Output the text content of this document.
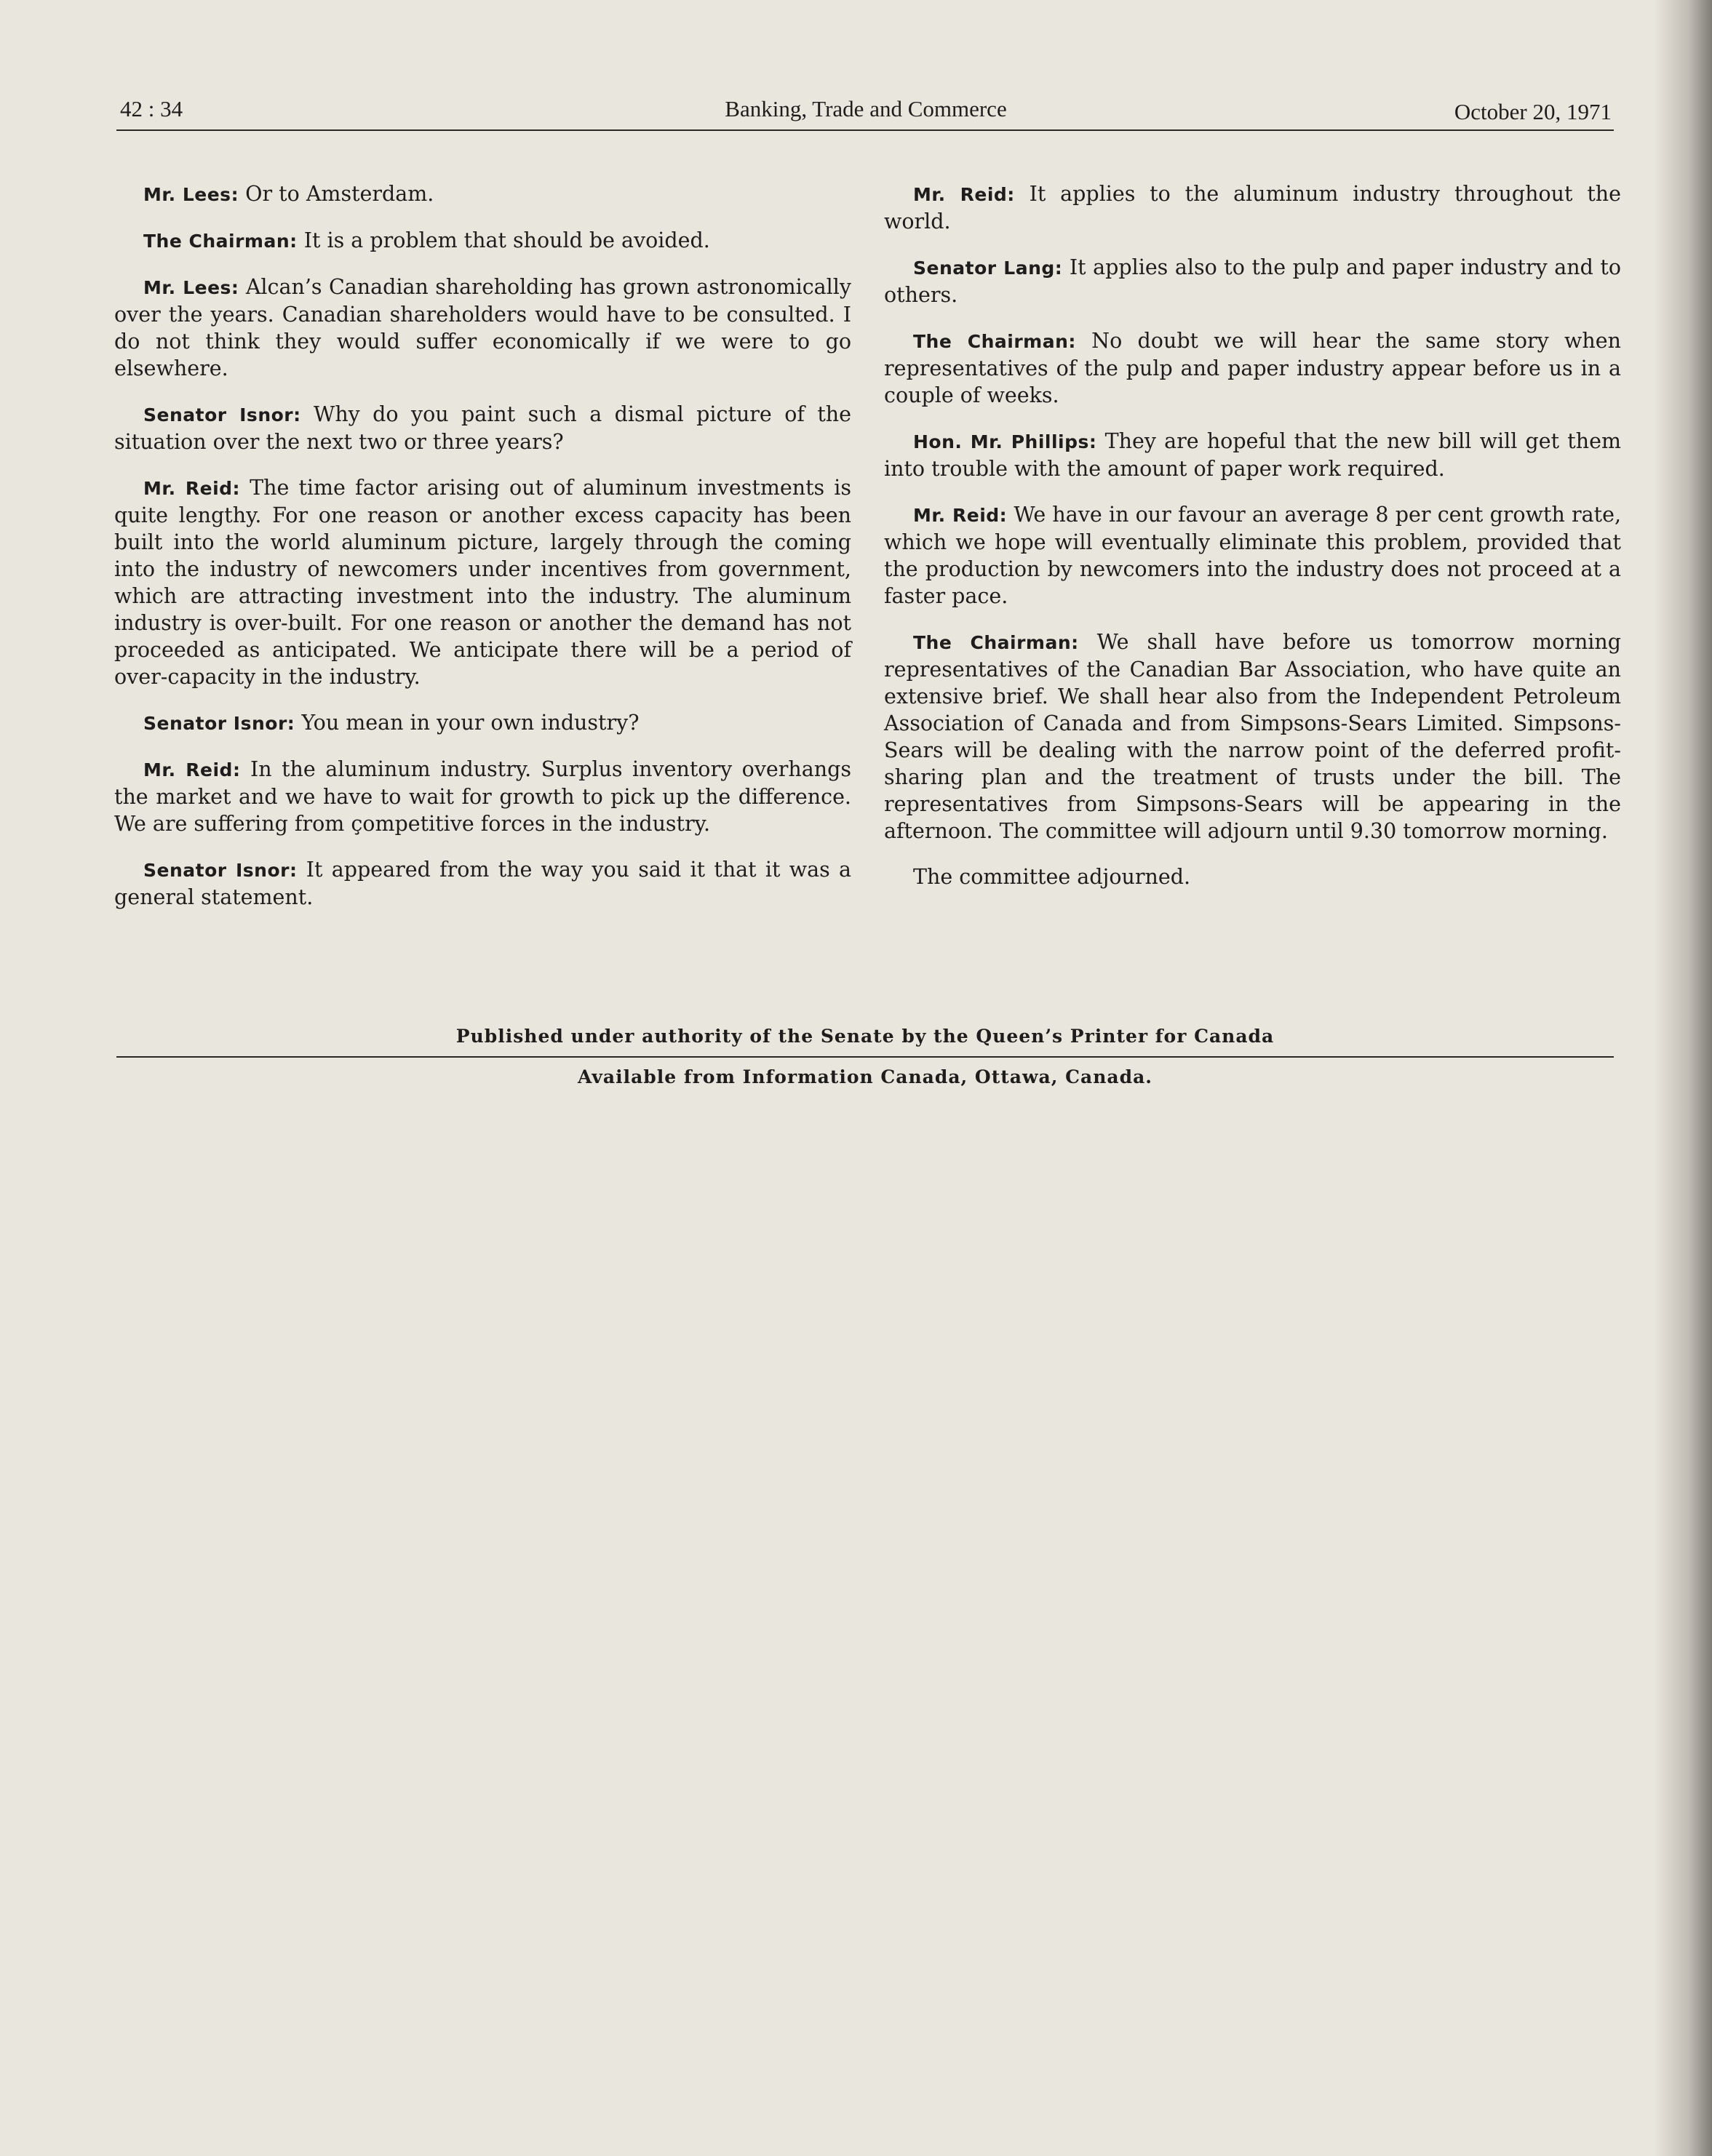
42 : 34	Banking, Trade and Commerce	October 20, 1971

Mr. Lees: Or to Amsterdam.

The Chairman: It is a problem that should be avoided.

Mr. Lees: Alcan’s Canadian shareholding has grown astronomically over the years. Canadian shareholders would have to be consulted. I do not think they would suffer economically if we were to go elsewhere.

Senator Isnor: Why do you paint such a dismal picture of the situation over the next two or three years?

Mr. Reid: The time factor arising out of aluminum investments is quite lengthy. For one reason or another excess capacity has been built into the world aluminum picture, largely through the coming into the industry of newcomers under incentives from government, which are attracting investment into the industry. The aluminum industry is over-built. For one reason or another the demand has not proceeded as anticipated. We anticipate there will be a period of over-capacity in the industry.

Senator Isnor: You mean in your own industry?

Mr. Reid: In the aluminum industry. Surplus inventory overhangs the market and we have to wait for growth to pick up the difference. We are suffering from çompetitive forces in the industry.

Senator Isnor: It appeared from the way you said it that it was a general statement.

Mr. Reid: It applies to the aluminum industry throughout the world.

Senator Lang: It applies also to the pulp and paper industry and to others.

The Chairman: No doubt we will hear the same story when representatives of the pulp and paper industry appear before us in a couple of weeks.

Hon. Mr. Phillips: They are hopeful that the new bill will get them into trouble with the amount of paper work required.

Mr. Reid: We have in our favour an average 8 per cent growth rate, which we hope will eventually eliminate this problem, provided that the production by newcomers into the industry does not proceed at a faster pace.

The Chairman: We shall have before us tomorrow morning representatives of the Canadian Bar Association, who have quite an extensive brief. We shall hear also from the Independent Petroleum Association of Canada and from Simpsons-Sears Limited. Simpsons-Sears will be dealing with the narrow point of the deferred profit-sharing plan and the treatment of trusts under the bill. The representatives from Simpsons-Sears will be appearing in the afternoon. The committee will adjourn until 9.30 tomorrow morning.

The committee adjourned.

Published under authority of the Senate by the Queen’s Printer for Canada
Available from Information Canada, Ottawa, Canada.
